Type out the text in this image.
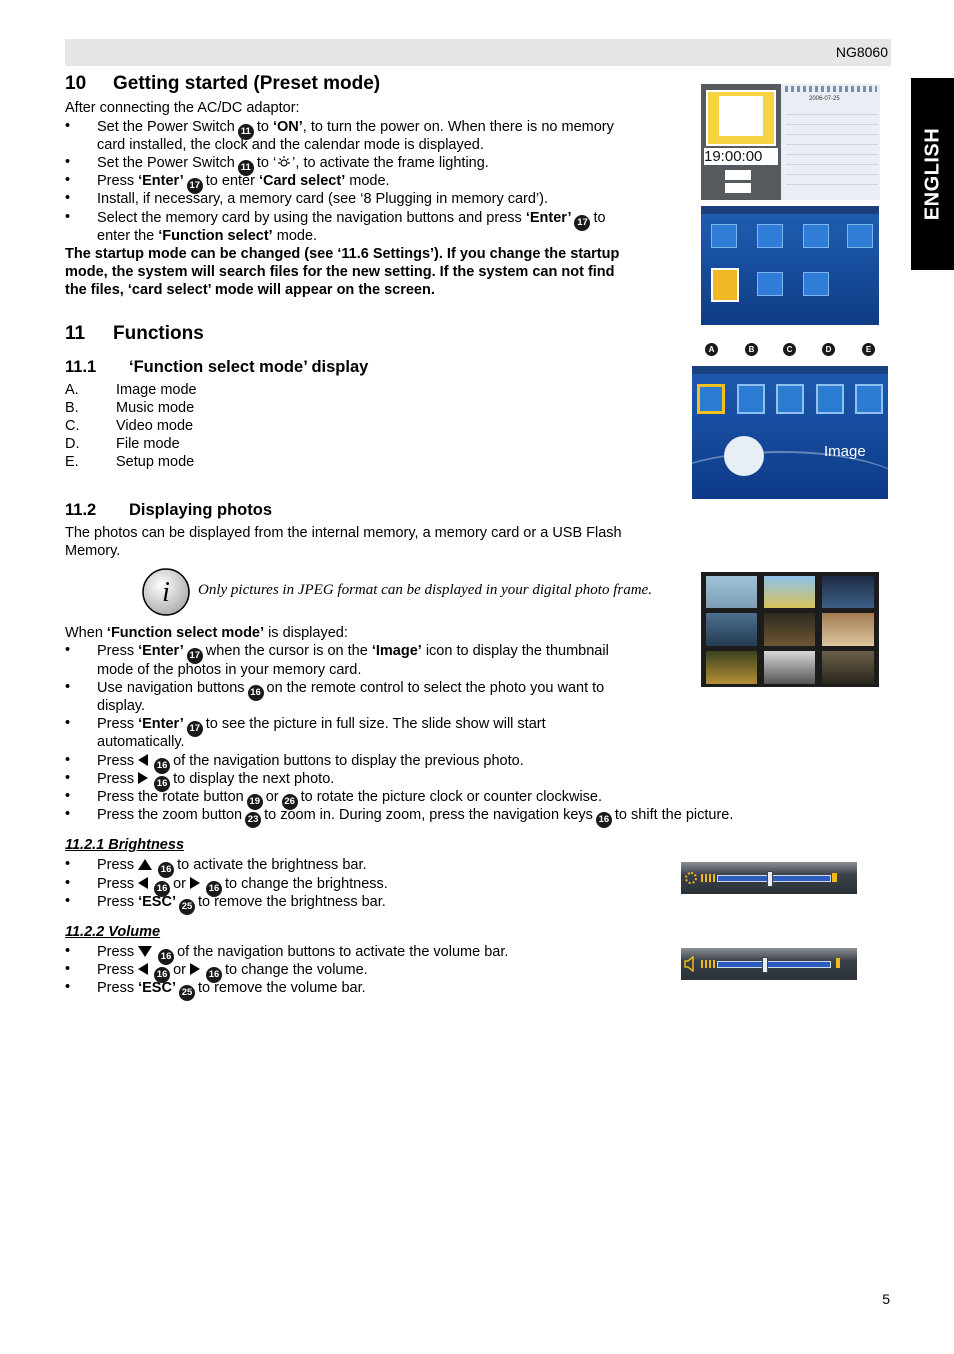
NG8060
ENGLISH
10 Getting started (Preset mode)
After connecting the AC/DC adaptor:
• Set the Power Switch 11 to ‘ON’, to turn the power on. When there is no memory
card installed, the clock and the calendar mode is displayed.
• Set the Power Switch 11 to ‘ ’, to activate the frame lighting.
• Press ‘Enter’ 17 to enter ‘Card select’ mode.
• Install, if necessary, a memory card (see ‘8 Plugging in memory card’).
• Select the memory card by using the navigation buttons and press ‘Enter’ 17 to
enter the ‘Function select’ mode.
The startup mode can be changed (see ‘11.6 Settings’). If you change the startup
mode, the system will search files for the new setting. If the system can not find
the files, ‘card select’ mode will appear on the screen.
19:00:00
2006-07-25
11 Functions
11.1 ‘Function select mode’ display
A.	Image mode
B.	Music mode
C.	Video mode
D.	File mode
E.	Setup mode
A	B	C	D	E
Image
11.2 Displaying photos
The photos can be displayed from the internal memory, a memory card or a USB Flash
Memory.
i Only pictures in JPEG format can be displayed in your digital photo frame.
When ‘Function select mode’ is displayed:
• Press ‘Enter’ 17 when the cursor is on the ‘Image’ icon to display the thumbnail
mode of the photos in your memory card.
• Use navigation buttons 16 on the remote control to select the photo you want to
display.
• Press ‘Enter’ 17 to see the picture in full size. The slide show will start
automatically.
• Press 16 of the navigation buttons to display the previous photo.
• Press 16 to display the next photo.
• Press the rotate button 19 or 26 to rotate the picture clock or counter clockwise.
• Press the zoom button 23 to zoom in. During zoom, press the navigation keys 16 to shift the picture.
11.2.1 Brightness
• Press	16 to activate the brightness bar.
• Press 16 or 16 to change the brightness.
• Press ‘ESC’ 25 to remove the brightness bar.
11.2.2 Volume
• Press	16 of the navigation buttons to activate the volume bar.
• Press 16 or 16 to change the volume.
• Press ‘ESC’ 25 to remove the volume bar.
5
